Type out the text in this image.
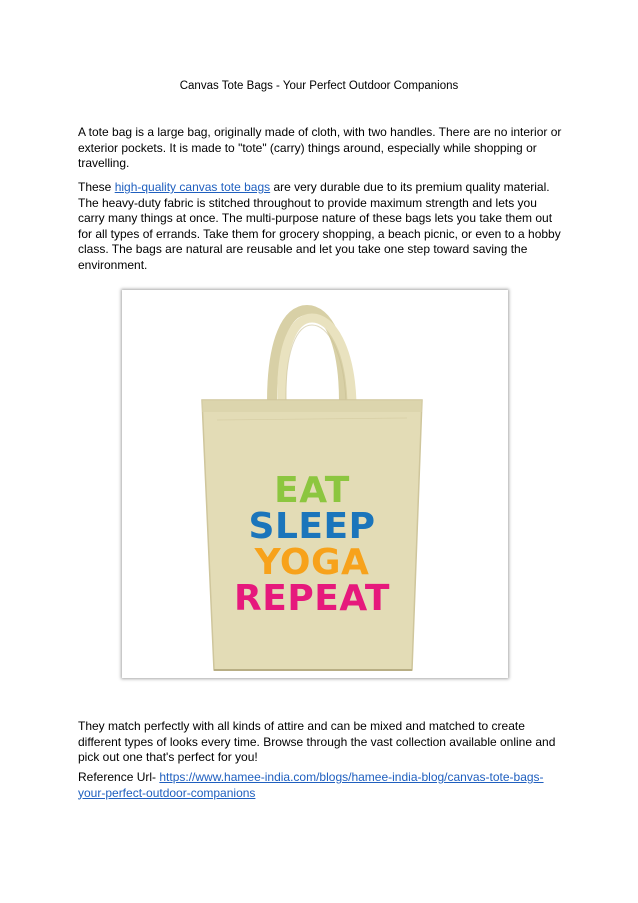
Canvas Tote Bags - Your Perfect Outdoor Companions
A tote bag is a large bag, originally made of cloth, with two handles. There are no interior or exterior pockets. It is made to "tote" (carry) things around, especially while shopping or travelling.
These high-quality canvas tote bags are very durable due to its premium quality material. The heavy-duty fabric is stitched throughout to provide maximum strength and lets you carry many things at once. The multi-purpose nature of these bags lets you take them out for all types of errands. Take them for grocery shopping, a beach picnic, or even to a hobby class. The bags are natural are reusable and let you take one step toward saving the environment.
EAT
SLEEP
YOGA
REPEAT
They match perfectly with all kinds of attire and can be mixed and matched to create different types of looks every time. Browse through the vast collection available online and pick out one that's perfect for you!
Reference Url- https://www.hamee-india.com/blogs/hamee-india-blog/canvas-tote-bags-your-perfect-outdoor-companions
